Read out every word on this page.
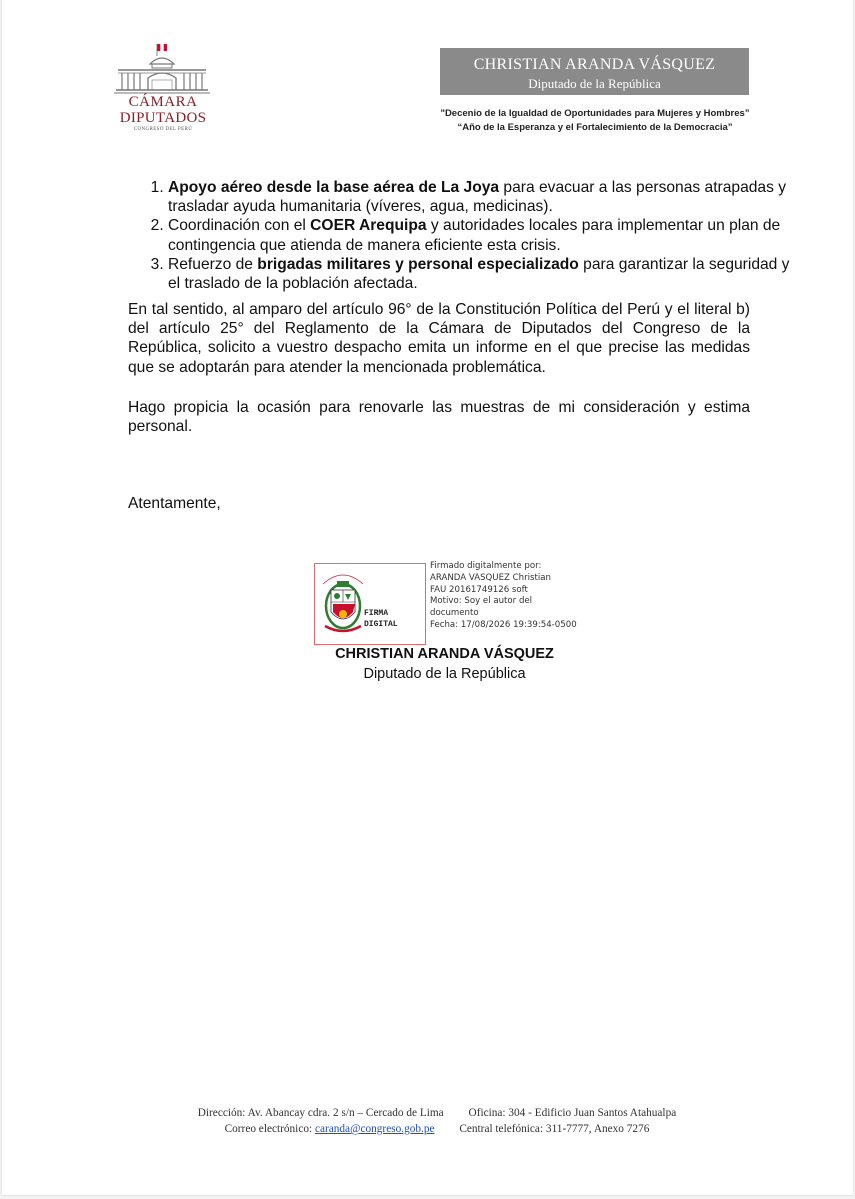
CÁMARA
DIPUTADOS
CONGRESO DEL PERÚ
CHRISTIAN ARANDA VÁSQUEZ
Diputado de la República
"Decenio de la Igualdad de Oportunidades para Mujeres y Hombres”
“Año de la Esperanza y el Fortalecimiento de la Democracia”
1. Apoyo aéreo desde la base aérea de La Joya para evacuar a las personas atrapadas y trasladar ayuda humanitaria (víveres, agua, medicinas).
2. Coordinación con el COER Arequipa y autoridades locales para implementar un plan de contingencia que atienda de manera eficiente esta crisis.
3. Refuerzo de brigadas militares y personal especializado para garantizar la seguridad y el traslado de la población afectada.

En tal sentido, al amparo del artículo 96° de la Constitución Política del Perú y el literal b) del artículo 25° del Reglamento de la Cámara de Diputados del Congreso de la República, solicito a vuestro despacho emita un informe en el que precise las medidas que se adoptarán para atender la mencionada problemática.

Hago propicia la ocasión para renovarle las muestras de mi consideración y estima personal.

Atentamente,
FIRMA
DIGITAL
Firmado digitalmente por:
ARANDA VASQUEZ Christian
FAU 20161749126 soft
Motivo: Soy el autor del
documento
Fecha: 17/08/2026 19:39:54-0500
CHRISTIAN ARANDA VÁSQUEZ
Diputado de la República
Dirección: Av. Abancay cdra. 2 s/n – Cercado de Lima Oficina: 304 - Edificio Juan Santos Atahualpa
Correo electrónico: caranda@congreso.gob.pe Central telefónica: 311-7777, Anexo 7276
